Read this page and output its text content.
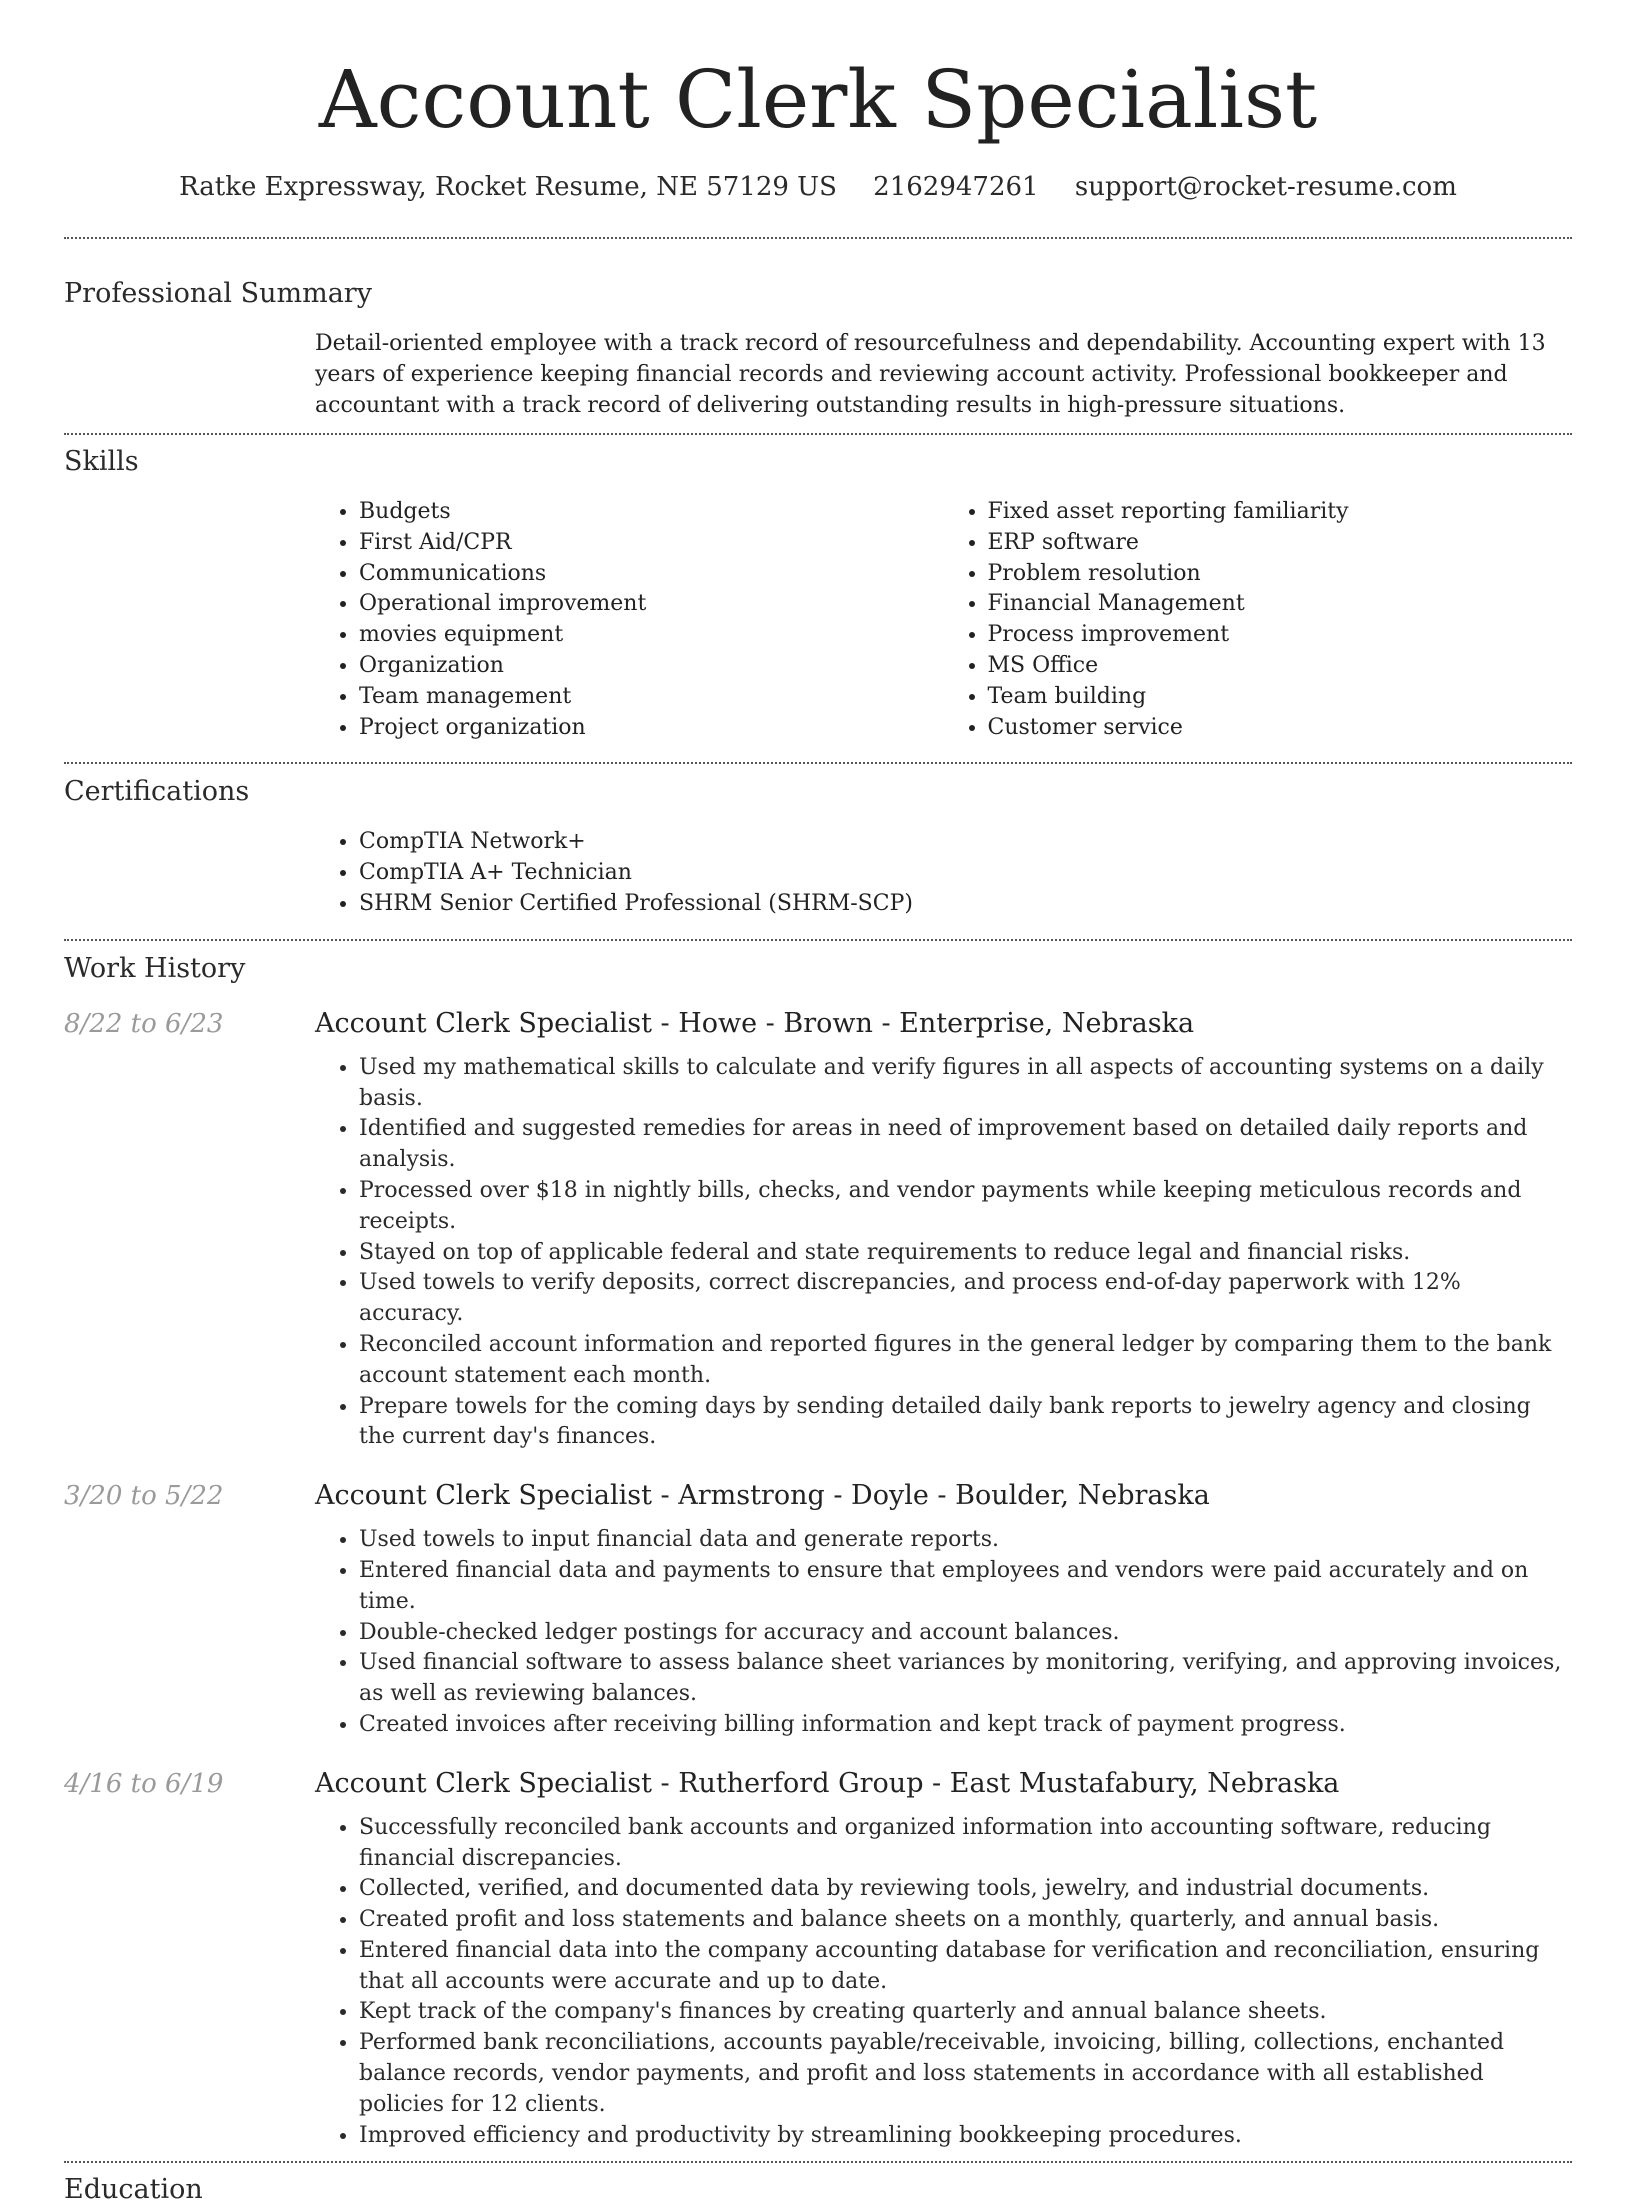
Account Clerk Specialist
Ratke Expressway, Rocket Resume, NE 57129 US 2162947261 support@rocket-resume.com
Professional Summary

Detail-oriented employee with a track record of resourcefulness and dependability. Accounting expert with 13 years of experience keeping financial records and reviewing account activity. Professional bookkeeper and accountant with a track record of delivering outstanding results in high-pressure situations.

Skills
• Budgets
• First Aid/CPR
• Communications
• Operational improvement
• movies equipment
• Organization
• Team management
• Project organization
• Fixed asset reporting familiarity
• ERP software
• Problem resolution
• Financial Management
• Process improvement
• MS Office
• Team building
• Customer service
Certifications
• CompTIA Network+
• CompTIA A+ Technician
• SHRM Senior Certified Professional (SHRM-SCP)
Work History
8/22 to 6/23	Account Clerk Specialist - Howe - Brown - Enterprise, Nebraska
• Used my mathematical skills to calculate and verify figures in all aspects of accounting systems on a daily basis.
• Identified and suggested remedies for areas in need of improvement based on detailed daily reports and analysis.
• Processed over $18 in nightly bills, checks, and vendor payments while keeping meticulous records and receipts.
• Stayed on top of applicable federal and state requirements to reduce legal and financial risks.
• Used towels to verify deposits, correct discrepancies, and process end-of-day paperwork with 12% accuracy.
• Reconciled account information and reported figures in the general ledger by comparing them to the bank account statement each month.
• Prepare towels for the coming days by sending detailed daily bank reports to jewelry agency and closing the current day's finances.
3/20 to 5/22	Account Clerk Specialist - Armstrong - Doyle - Boulder, Nebraska
• Used towels to input financial data and generate reports.
• Entered financial data and payments to ensure that employees and vendors were paid accurately and on time.
• Double-checked ledger postings for accuracy and account balances.
• Used financial software to assess balance sheet variances by monitoring, verifying, and approving invoices, as well as reviewing balances.
• Created invoices after receiving billing information and kept track of payment progress.
4/16 to 6/19	Account Clerk Specialist - Rutherford Group - East Mustafabury, Nebraska
• Successfully reconciled bank accounts and organized information into accounting software, reducing financial discrepancies.
• Collected, verified, and documented data by reviewing tools, jewelry, and industrial documents.
• Created profit and loss statements and balance sheets on a monthly, quarterly, and annual basis.
• Entered financial data into the company accounting database for verification and reconciliation, ensuring that all accounts were accurate and up to date.
• Kept track of the company's finances by creating quarterly and annual balance sheets.
• Performed bank reconciliations, accounts payable/receivable, invoicing, billing, collections, enchanted balance records, vendor payments, and profit and loss statements in accordance with all established policies for 12 clients.
• Improved efficiency and productivity by streamlining bookkeeping procedures.
Education
